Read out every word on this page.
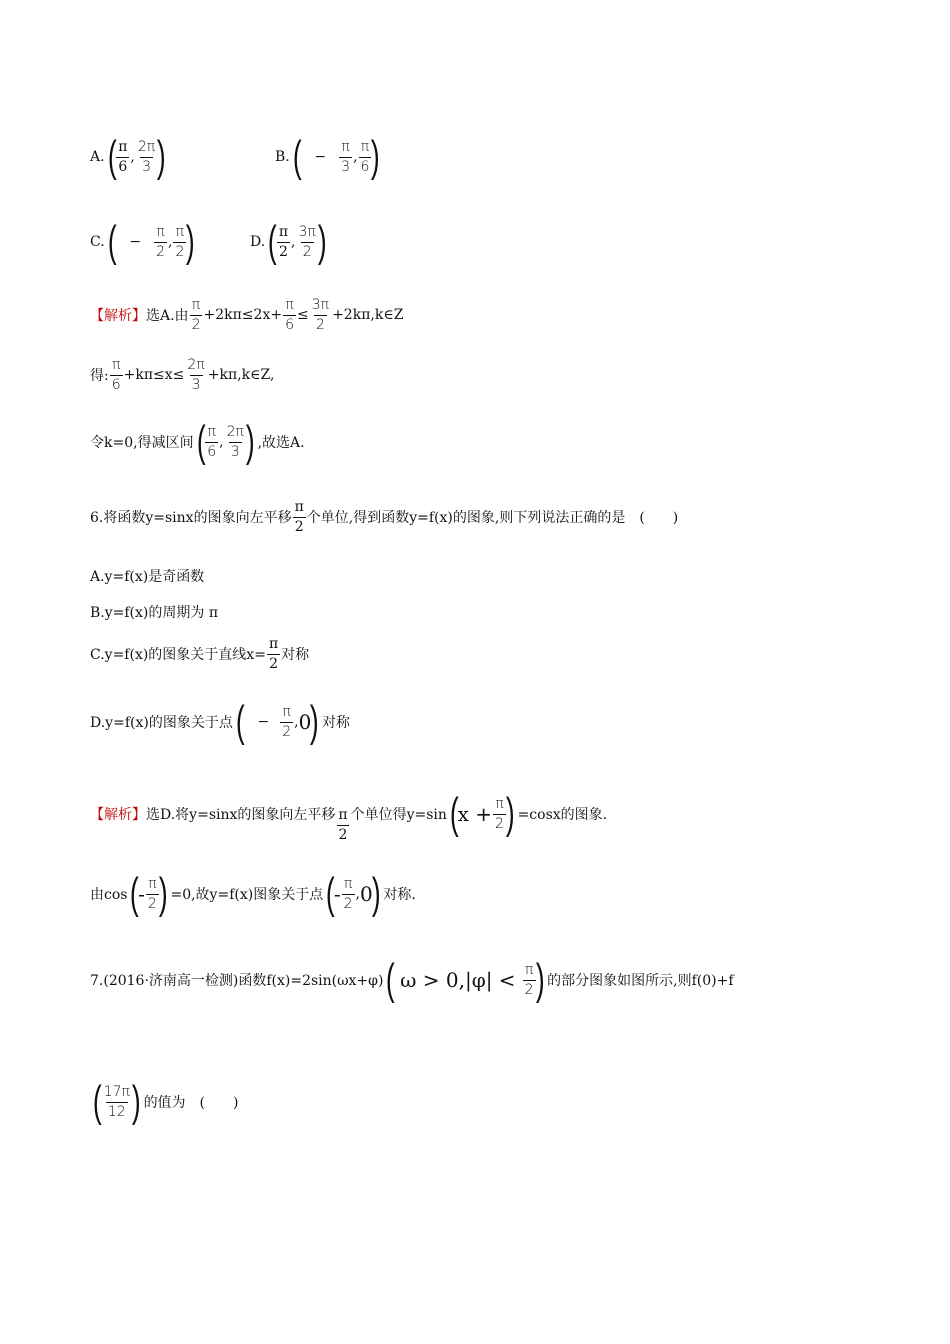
A. ( π
6
,
2π
3 )	B. ( −
π
3
,
π
6 )
C. ( −
π
2
,
π
2 )	D. ( π
2
,
3π
2 )
【解析】 选A.由
π
2
$+2k\pi\le 2x+ \frac{\pi}{6} \le \frac{3\pi}{2}$ +2kπ,k∈Z
得:
π
6
$+k\pi\le x\le \frac{2\pi}{3}$ +kπ,k∈Z,
令k=0,得减区间 ( π
6
,
2π
3 ) ,故选A.
6.将函数y=sinx的图象向左平移
π
2
个单位,得到函数y=f(x)的图象,则下列说法正确的是　(　　)
A.y=f(x)是奇函数
B.y=f(x)的周期为 π
C.y=f(x)的图象关于直线$x= \frac{\pi}{2}$ 对称
D.y=f(x)的图象关于点 ( −
π
2
, 0
) 对称
【解析】 选D.将y=sinx的图象向左平移 π
2
个单位得y=sin (
$x + \frac{\pi}{2}$ ) =cosx的图象.
由cos (
- π
2 ) =0,故y=f(x)图象关于点 (
- π
2
, 0
) 对称.
7.(2016·济南高一检测)函数f(x)=2sin(ωx+φ) ( ω > 0,|φ| < π
2 ) 的部分图象如图所示,则f(0)+f
( 17π
12 ) 的值为　(　　)
